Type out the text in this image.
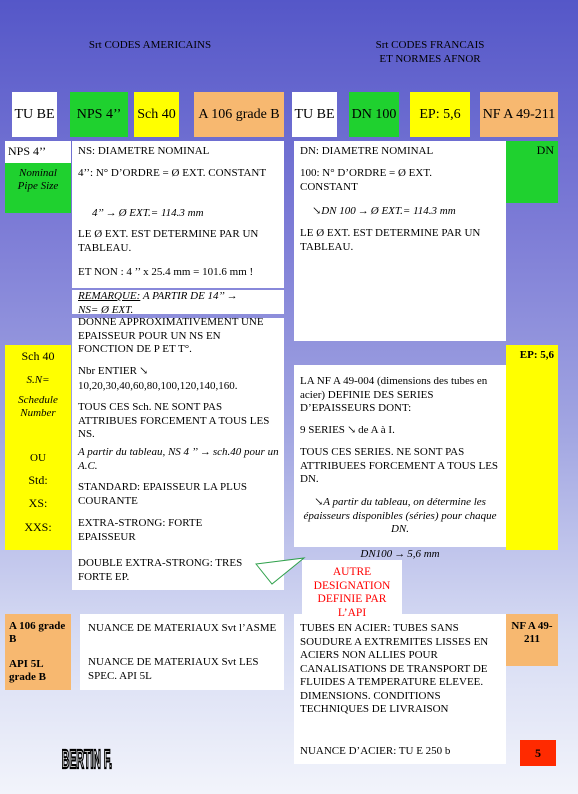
Srt CODES AMERICAINS	Srt CODES FRANCAIS
ET NORMES AFNOR
TU BE	NPS 4’’	Sch 40	A 106 grade B	TU BE DN 100	EP: 5,6	NF A 49-211
NPS 4’’
Nominal Pipe Size
Sch 40
S.N=
Schedule Number
OU
Std:
XS:
XXS:
A 106 grade B
API 5L grade B
NS: DIAMETRE NOMINAL
4’’: N° D’ORDRE = Ø EXT. CONSTANT
4’’ → Ø EXT.= 114.3 mm
LE Ø EXT. EST DETERMINE PAR UN TABLEAU.
ET NON : 4 ’’ x 25.4 mm = 101.6 mm !
REMARQUE: A PARTIR DE 14’’ →
NS= Ø EXT.
DONNE APPROXIMATIVEMENT UNE EPAISSEUR POUR UN NS EN FONCTION DE P ET T°.
Nbr ENTIER ↘
10,20,30,40,60,80,100,120,140,160.
TOUS CES Sch. NE SONT PAS ATTRIBUES FORCEMENT A TOUS LES NS.
A partir du tableau, NS 4 ’’ → sch.40 pour un A.C.
STANDARD: EPAISSEUR LA PLUS COURANTE
EXTRA-STRONG: FORTE EPAISSEUR
DOUBLE EXTRA-STRONG: TRES FORTE EP.
NUANCE DE MATERIAUX Svt l’ASME
NUANCE DE MATERIAUX Svt LES SPEC. API 5L
DN: DIAMETRE NOMINAL
100: N° D’ORDRE = Ø EXT. CONSTANT
↘DN 100 → Ø EXT.= 114.3 mm
LE Ø EXT. EST DETERMINE PAR UN TABLEAU.
LA NF A 49-004 (dimensions des tubes en acier) DEFINIE DES SERIES D’EPAISSEURS DONT:
9 SERIES ↘ de A à I.
TOUS CES SERIES. NE SONT PAS ATTRIBUEES FORCEMENT A TOUS LES DN.
↘A partir du tableau, on détermine les épaisseurs disponibles (séries) pour chaque DN.
DN100 → 5,6 mm
TUBES EN ACIER: TUBES SANS SOUDURE A EXTREMITES LISSES EN ACIERS NON ALLIES POUR CANALISATIONS DE TRANSPORT DE FLUIDES A TEMPERATURE ELEVEE. DIMENSIONS. CONDITIONS TECHNIQUES DE LIVRAISON
NUANCE D’ACIER: TU E 250 b
AUTRE DESIGNATION DEFINIE PAR L’API
DN
EP: 5,6
NF A 49-211
5
BERTIN F.
